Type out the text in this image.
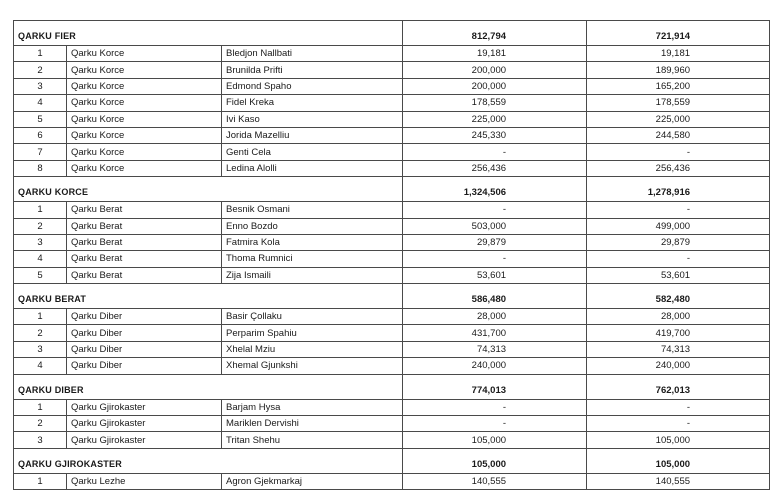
QARKU FIER			812,794	721,914
1	Qarku Korce	Bledjon Nallbati	19,181	19,181
2	Qarku Korce	Brunilda Prifti	200,000	189,960
3	Qarku Korce	Edmond Spaho	200,000	165,200
4	Qarku Korce	Fidel Kreka	178,559	178,559
5	Qarku Korce	Ivi Kaso	225,000	225,000
6	Qarku Korce	Jorida Mazelliu	245,330	244,580
7	Qarku Korce	Genti Cela	-	-
8	Qarku Korce	Ledina Alolli	256,436	256,436
QARKU KORCE			1,324,506	1,278,916
1	Qarku Berat	Besnik Osmani	-	-
2	Qarku Berat	Enno Bozdo	503,000	499,000
3	Qarku Berat	Fatmira Kola	29,879	29,879
4	Qarku Berat	Thoma Rumnici	-	-
5	Qarku Berat	Zija Ismaili	53,601	53,601
QARKU BERAT			586,480	582,480
1	Qarku Diber	Basir Çollaku	28,000	28,000
2	Qarku Diber	Perparim Spahiu	431,700	419,700
3	Qarku Diber	Xhelal Mziu	74,313	74,313
4	Qarku Diber	Xhemal Gjunkshi	240,000	240,000
QARKU DIBER			774,013	762,013
1	Qarku Gjirokaster	Barjam Hysa	-	-
2	Qarku Gjirokaster	Mariklen Dervishi	-	-
3	Qarku Gjirokaster	Tritan Shehu	105,000	105,000
QARKU GJIROKASTER			105,000	105,000
1	Qarku Lezhe	Agron Gjekmarkaj	140,555	140,555
